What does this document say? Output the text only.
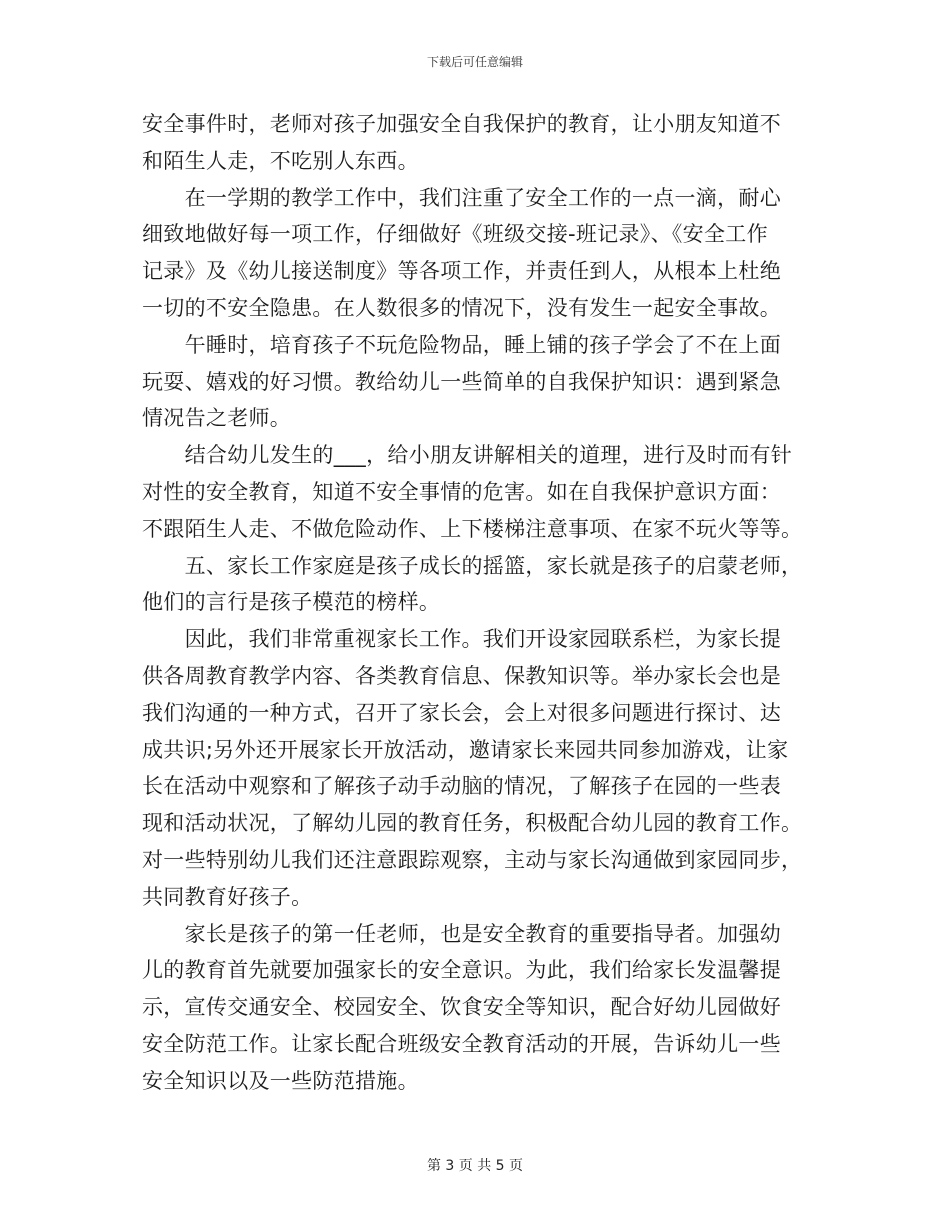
下载后可任意编辑
安全事件时，老师对孩子加强安全自我保护的教育，让小朋友知道不
和陌生人走，不吃别人东西。
　　在一学期的教学工作中，我们注重了安全工作的一点一滴，耐心
细致地做好每一项工作，仔细做好《班级交接-班记录》、《安全工作
记录》及《幼儿接送制度》等各项工作，并责任到人，从根本上杜绝
一切的不安全隐患。在人数很多的情况下，没有发生一起安全事故。
　　午睡时，培育孩子不玩危险物品，睡上铺的孩子学会了不在上面
玩耍、嬉戏的好习惯。教给幼儿一些简单的自我保护知识：遇到紧急
情况告之老师。
　　结合幼儿发生的___，给小朋友讲解相关的道理，进行及时而有针
对性的安全教育，知道不安全事情的危害。如在自我保护意识方面：
不跟陌生人走、不做危险动作、上下楼梯注意事项、在家不玩火等等。
　　五、家长工作家庭是孩子成长的摇篮，家长就是孩子的启蒙老师，
他们的言行是孩子模范的榜样。
　　因此，我们非常重视家长工作。我们开设家园联系栏，为家长提
供各周教育教学内容、各类教育信息、保教知识等。举办家长会也是
我们沟通的一种方式，召开了家长会，会上对很多问题进行探讨、达
成共识;另外还开展家长开放活动，邀请家长来园共同参加游戏，让家
长在活动中观察和了解孩子动手动脑的情况，了解孩子在园的一些表
现和活动状况，了解幼儿园的教育任务，积极配合幼儿园的教育工作。
对一些特别幼儿我们还注意跟踪观察，主动与家长沟通做到家园同步，
共同教育好孩子。
　　家长是孩子的第一任老师，也是安全教育的重要指导者。加强幼
儿的教育首先就要加强家长的安全意识。为此，我们给家长发温馨提
示，宣传交通安全、校园安全、饮食安全等知识，配合好幼儿园做好
安全防范工作。让家长配合班级安全教育活动的开展，告诉幼儿一些
安全知识以及一些防范措施。
第 3 页 共 5 页
